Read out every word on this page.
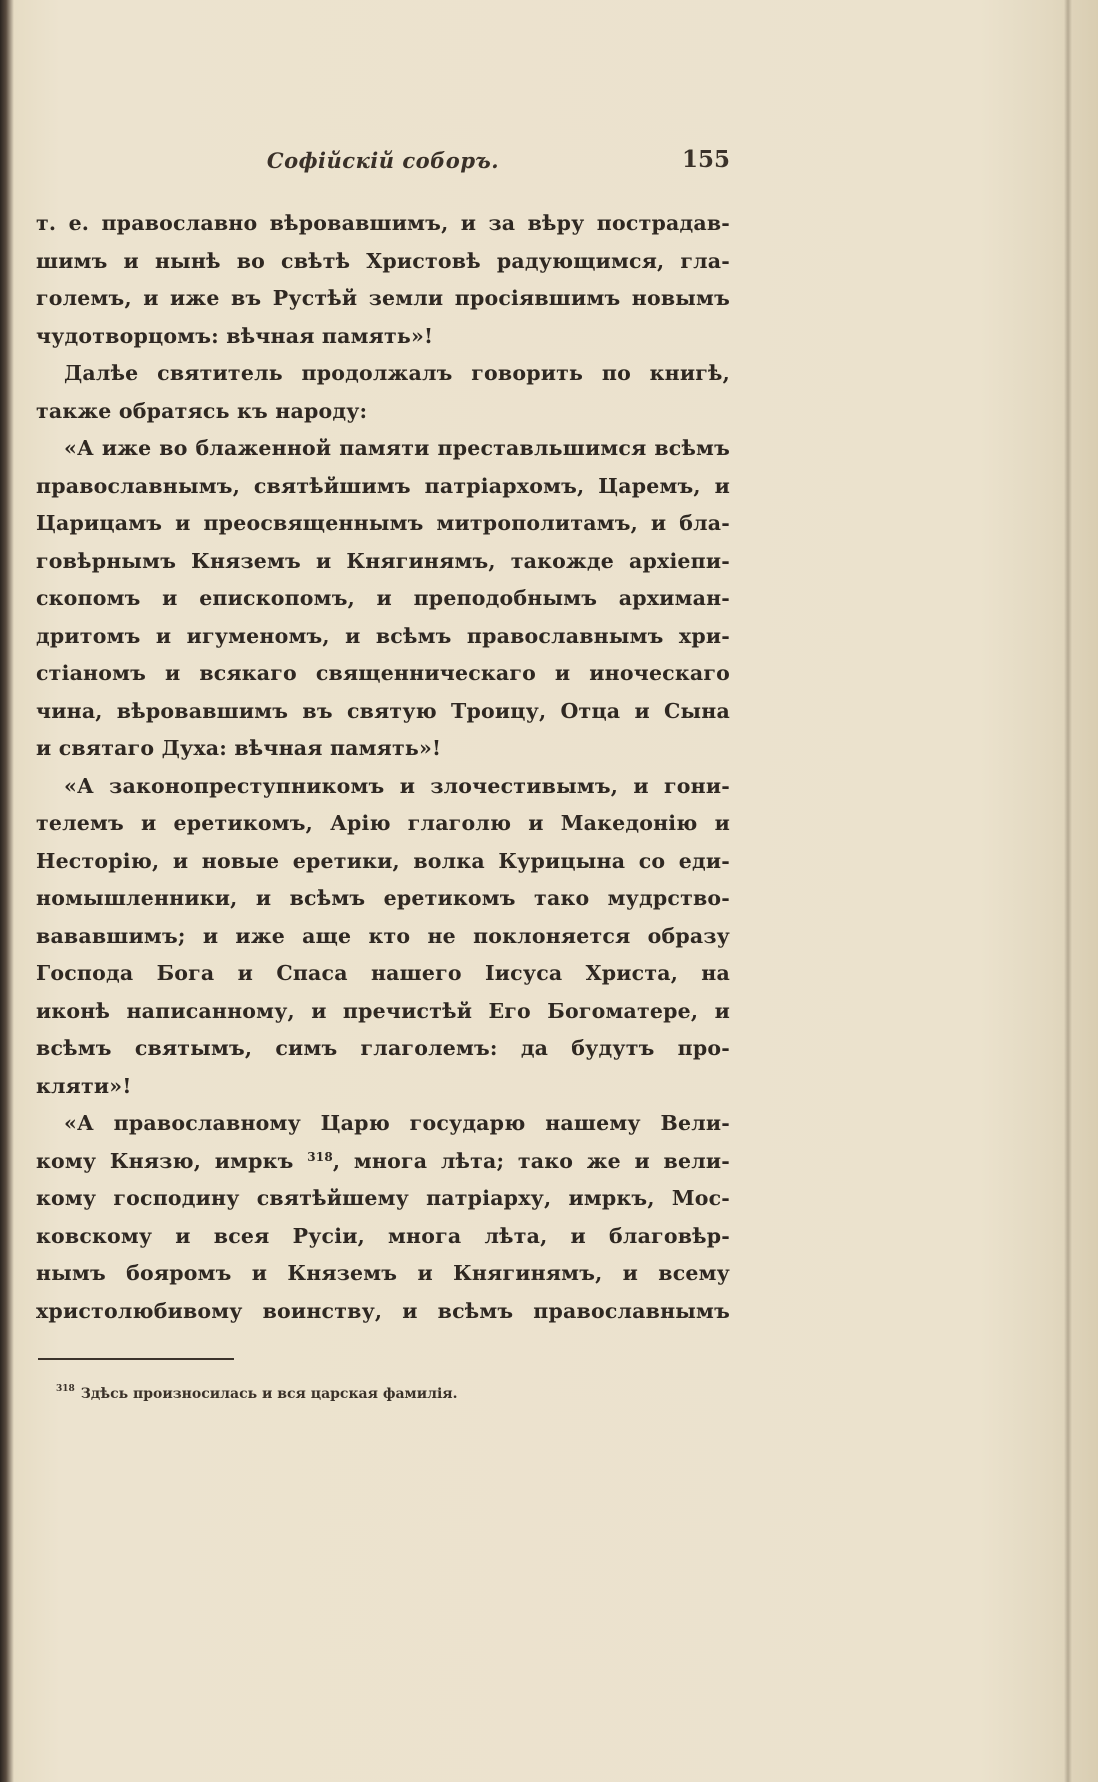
Софійскій соборъ.	155
т. е. православно вѣровавшимъ, и за вѣру пострадав-
шимъ и нынѣ во свѣтѣ Христовѣ радующимся, гла-
големъ, и иже въ Рустѣй земли просіявшимъ новымъ
чудотворцомъ: вѣчная память»!
Далѣе святитель продолжалъ говорить по книгѣ,
также обратясь къ народу:
«А иже во блаженной памяти преставльшимся всѣмъ
православнымъ, святѣйшимъ патріархомъ, Царемъ, и
Царицамъ и преосвященнымъ митрополитамъ, и бла-
говѣрнымъ Княземъ и Княгинямъ, такожде архіепи-
скопомъ и епископомъ, и преподобнымъ архиман-
дритомъ и игуменомъ, и всѣмъ православнымъ хри-
стіаномъ и всякаго священническаго и иноческаго
чина, вѣровавшимъ въ святую Троицу, Отца и Сына
и святаго Духа: вѣчная память»!
«А законопреступникомъ и злочестивымъ, и гони-
телемъ и еретикомъ, Арію глаголю и Македонію и
Несторію, и новые еретики, волка Курицына со еди-
номышленники, и всѣмъ еретикомъ тако мудрство-
вававшимъ; и иже аще кто не поклоняется образу
Господа Бога и Спаса нашего Іисуса Христа, на
иконѣ написанному, и пречистѣй Его Богоматере, и
всѣмъ святымъ, симъ глаголемъ: да будутъ про-
кляти»!
«А православному Царю государю нашему Вели-
кому Князю, имркъ $^{318}$, многа лѣта; тако же и вели-
кому господину святѣйшему патріарху, имркъ, Мос-
ковскому и всея Русіи, многа лѣта, и благовѣр-
нымъ бояромъ и Княземъ и Княгинямъ, и всему
христолюбивому воинству, и всѣмъ православнымъ
$^{318}$ Здѣсь произносилась и вся царская фамилія.
